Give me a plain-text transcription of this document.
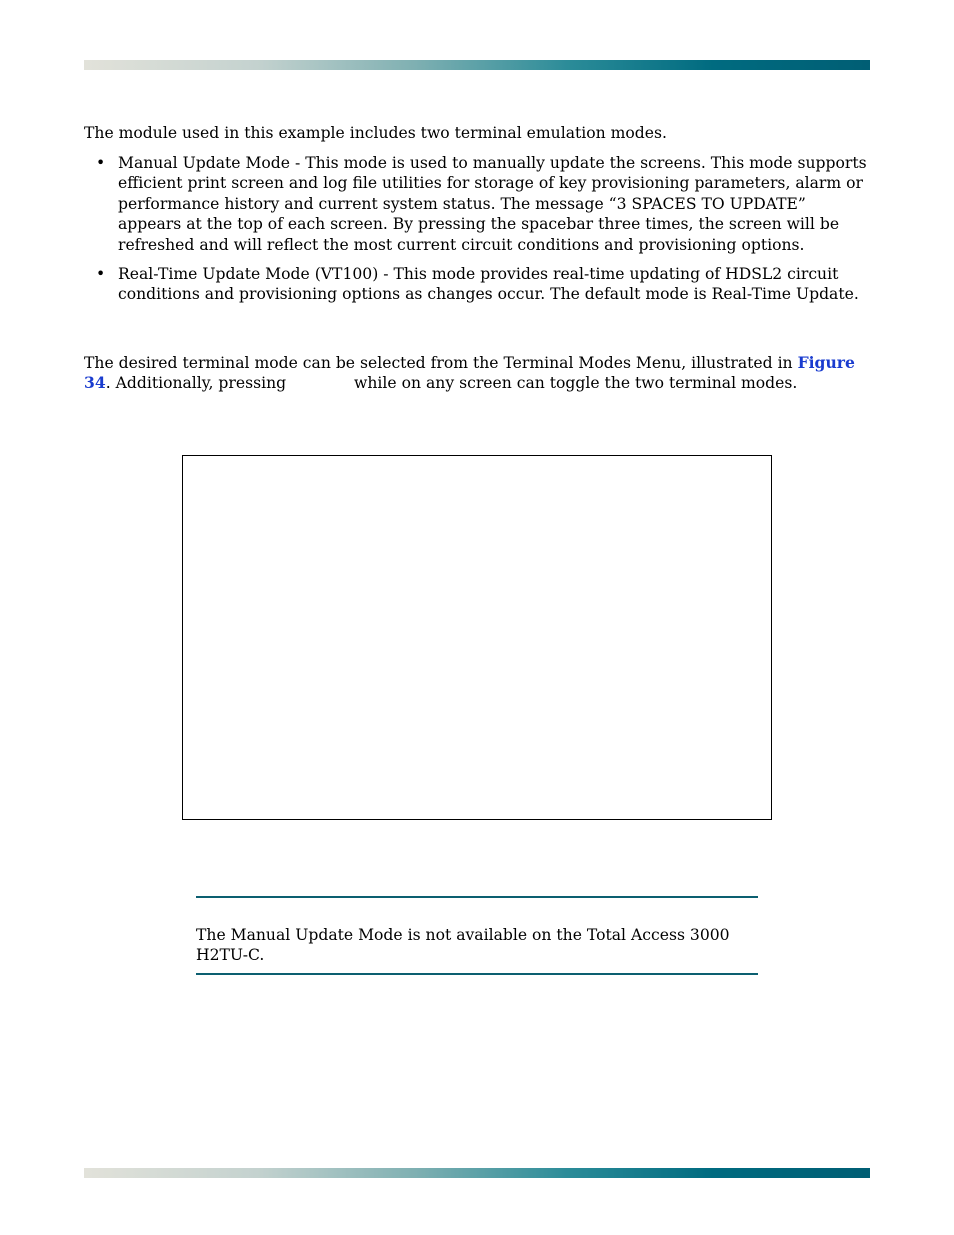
The module used in this example includes two terminal emulation modes.

• Manual Update Mode - This mode is used to manually update the screens. This mode supports efficient print screen and log file utilities for storage of key provisioning parameters, alarm or performance history and current system status. The message “3 SPACES TO UPDATE” appears at the top of each screen. By pressing the spacebar three times, the screen will be refreshed and will reflect the most current circuit conditions and provisioning options.
• Real-Time Update Mode (VT100) - This mode provides real-time updating of HDSL2 circuit conditions and provisioning options as changes occur. The default mode is Real-Time Update.

The desired terminal mode can be selected from the Terminal Modes Menu, illustrated in Figure 34. Additionally, pressing	while on any screen can toggle the two terminal modes.

The Manual Update Mode is not available on the Total Access 3000 H2TU-C.
